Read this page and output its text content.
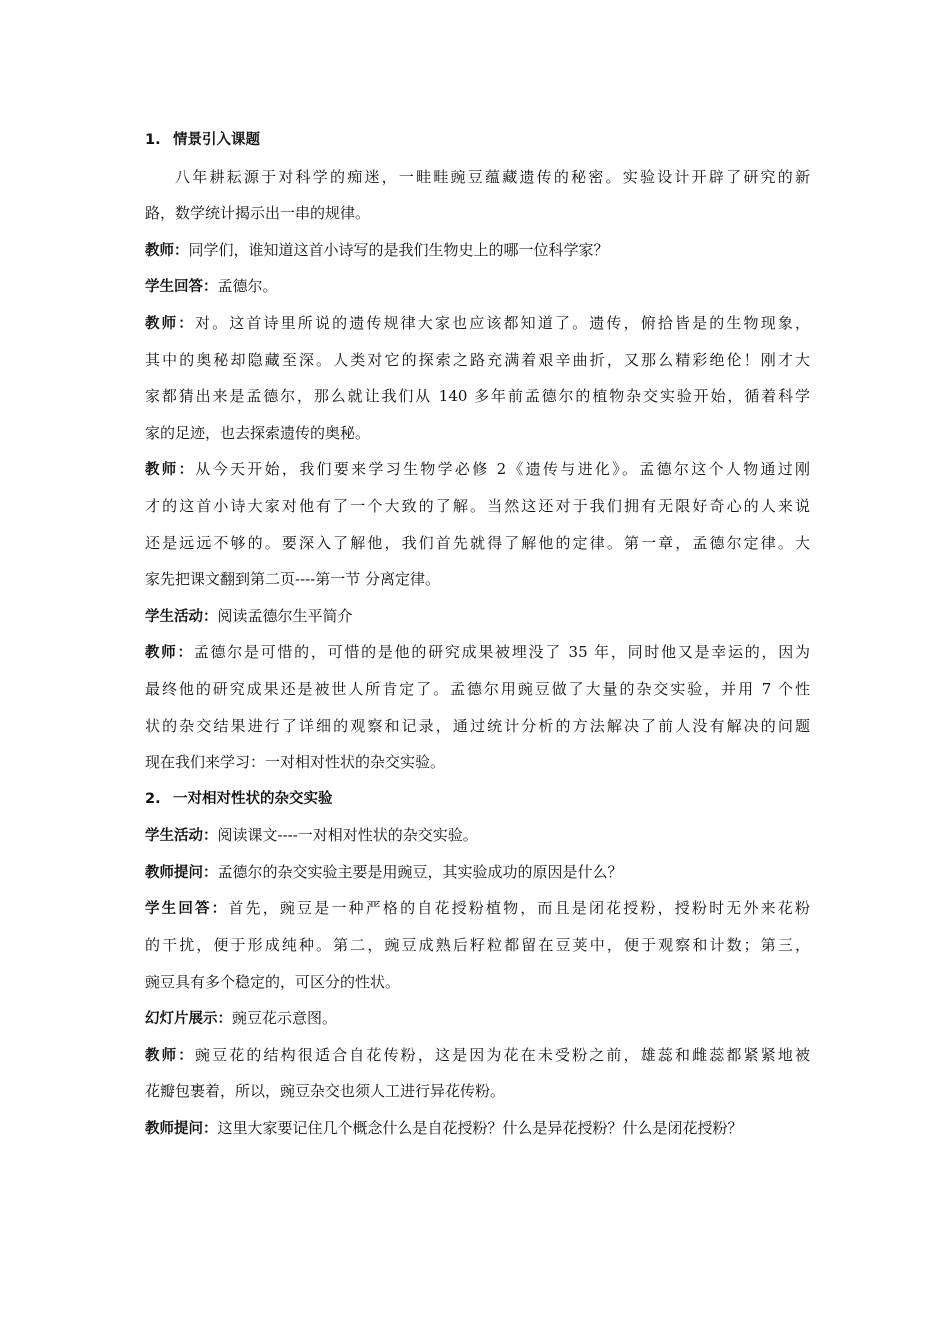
1. 情景引入课题
八年耕耘源于对科学的痴迷，一畦畦豌豆蕴藏遗传的秘密。实验设计开辟了研究的新
路，数学统计揭示出一串的规律。
教师：同学们，谁知道这首小诗写的是我们生物史上的哪一位科学家？
学生回答：孟德尔。
教师：对。这首诗里所说的遗传规律大家也应该都知道了。遗传，俯拾皆是的生物现象，
其中的奥秘却隐藏至深。人类对它的探索之路充满着艰辛曲折，又那么精彩绝伦！刚才大
家都猜出来是孟德尔，那么就让我们从 140 多年前孟德尔的植物杂交实验开始，循着科学
家的足迹，也去探索遗传的奥秘。
教师：从今天开始，我们要来学习生物学必修 2《遗传与进化》。孟德尔这个人物通过刚
才的这首小诗大家对他有了一个大致的了解。当然这还对于我们拥有无限好奇心的人来说
还是远远不够的。要深入了解他，我们首先就得了解他的定律。第一章，孟德尔定律。大
家先把课文翻到第二页----第一节 分离定律。
学生活动：阅读孟德尔生平简介
教师：孟德尔是可惜的，可惜的是他的研究成果被埋没了 35 年，同时他又是幸运的，因为
最终他的研究成果还是被世人所肯定了。孟德尔用豌豆做了大量的杂交实验，并用 7 个性
状的杂交结果进行了详细的观察和记录，通过统计分析的方法解决了前人没有解决的问题
现在我们来学习：一对相对性状的杂交实验。
2. 一对相对性状的杂交实验
学生活动：阅读课文----一对相对性状的杂交实验。
教师提问：孟德尔的杂交实验主要是用豌豆，其实验成功的原因是什么？
学生回答：首先，豌豆是一种严格的自花授粉植物，而且是闭花授粉，授粉时无外来花粉
的干扰，便于形成纯种。第二，豌豆成熟后籽粒都留在豆荚中，便于观察和计数；第三，
豌豆具有多个稳定的，可区分的性状。
幻灯片展示：豌豆花示意图。
教师：豌豆花的结构很适合自花传粉，这是因为花在未受粉之前，雄蕊和雌蕊都紧紧地被
花瓣包裹着，所以，豌豆杂交也须人工进行异花传粉。
教师提问：这里大家要记住几个概念什么是自花授粉？什么是异花授粉？什么是闭花授粉？
